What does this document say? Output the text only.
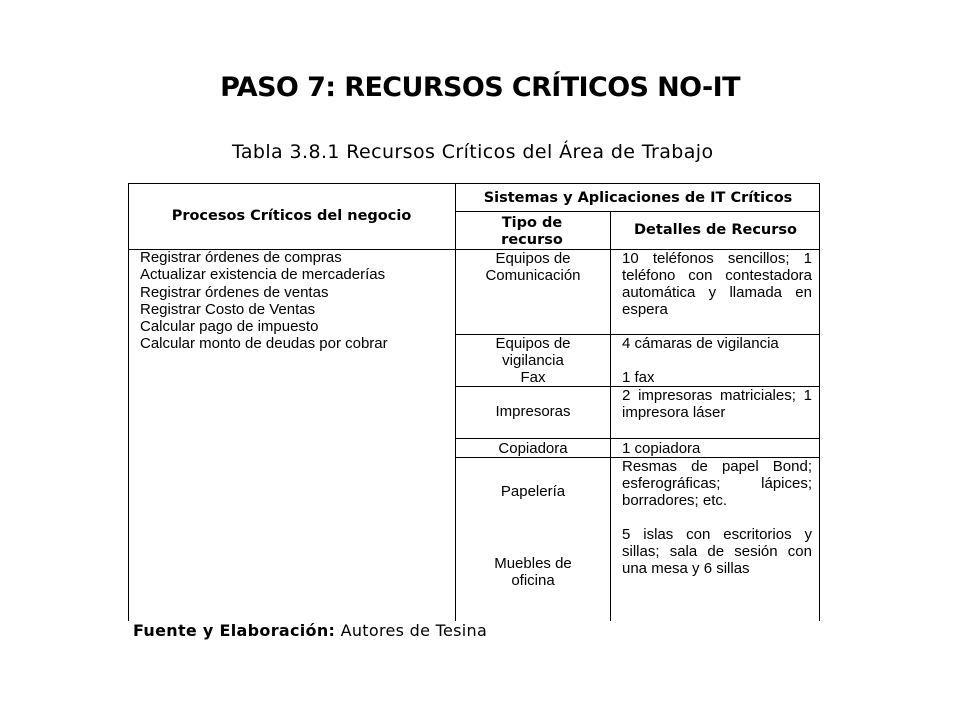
PASO 7: RECURSOS CRÍTICOS NO-IT
Tabla 3.8.1 Recursos Críticos del Área de Trabajo
Procesos Críticos del negocio
Sistemas y Aplicaciones de IT Críticos
Tipo de recurso
Detalles de Recurso
Registrar órdenes de compras
Actualizar existencia de mercaderías
Registrar órdenes de ventas
Registrar Costo de Ventas
Calcular pago de impuesto
Calcular monto de deudas por cobrar
Equipos de Comunicación
Equipos de vigilancia
Fax
Impresoras
Copiadora
Papelería
Muebles de oficina
10 teléfonos sencillos; 1 teléfono con contestadora automática y llamada en espera
4 cámaras de vigilancia
1 fax
2 impresoras matriciales; 1 impresora láser
1 copiadora
Resmas de papel Bond; esferográficas; lápices; borradores; etc.
5 islas con escritorios y sillas; sala de sesión con una mesa y 6 sillas
Fuente y Elaboración: Autores de Tesina
